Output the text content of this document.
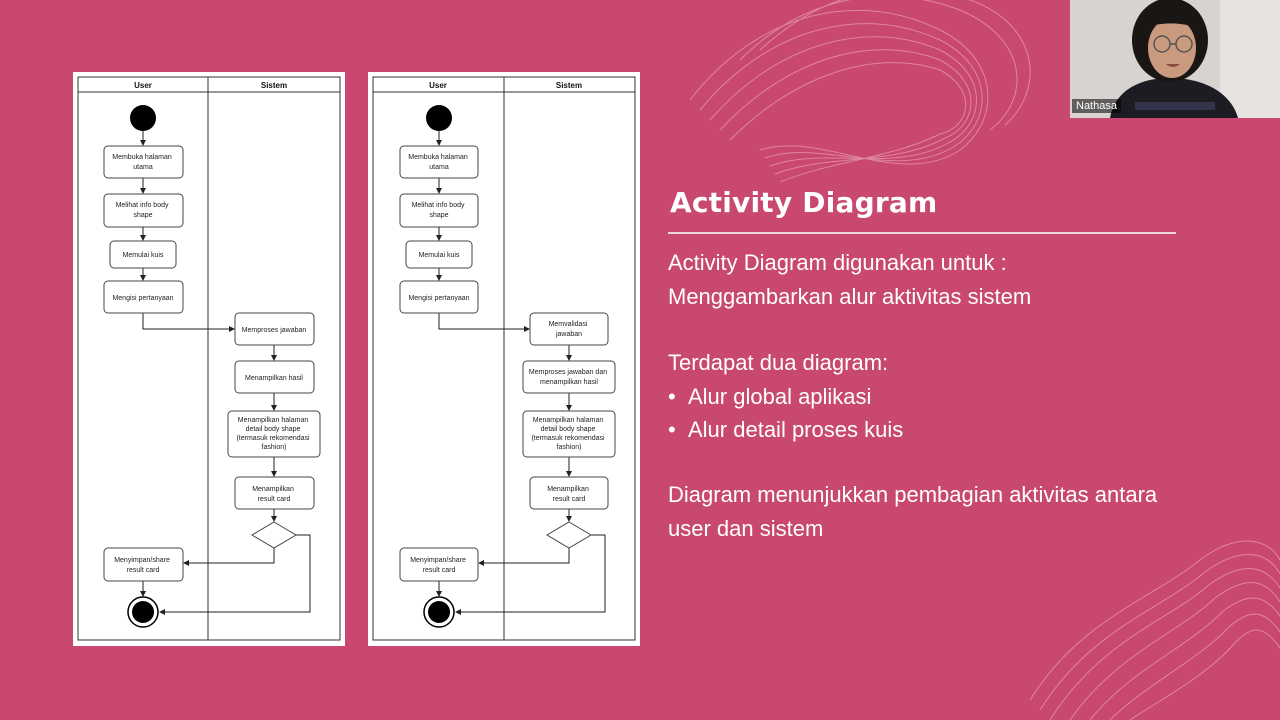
User	Sistem
Membuka halaman utama
Melihat info body shape
Memulai kuis
Mengisi pertanyaan
Memproses jawaban
Menampilkan hasil
Menampilkan halaman detail body shape (termasuk rekomendasi fashion)
Menampilkan result card
Menyimpan/share result card
User	Sistem
Membuka halaman utama
Melihat info body shape
Memulai kuis
Mengisi pertanyaan
Memvalidasi jawaban
Memproses jawaban dan menampilkan hasil
Menampilkan halaman detail body shape (termasuk rekomendasi fashion)
Menampilkan result card
Menyimpan/share result card
Activity Diagram
Activity Diagram digunakan untuk :
Menggambarkan alur aktivitas sistem
Terdapat dua diagram:
• Alur global aplikasi
• Alur detail proses kuis
Diagram menunjukkan pembagian aktivitas antara
user dan sistem
Nathasa
